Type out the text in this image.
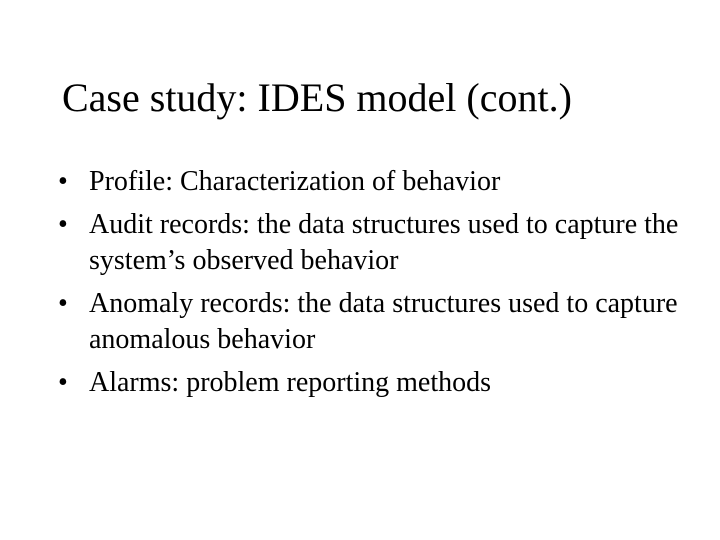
Case study: IDES model (cont.)
• Profile: Characterization of behavior
• Audit records: the data structures used to capture the system’s observed behavior
• Anomaly records: the data structures used to capture anomalous behavior
• Alarms: problem reporting methods
